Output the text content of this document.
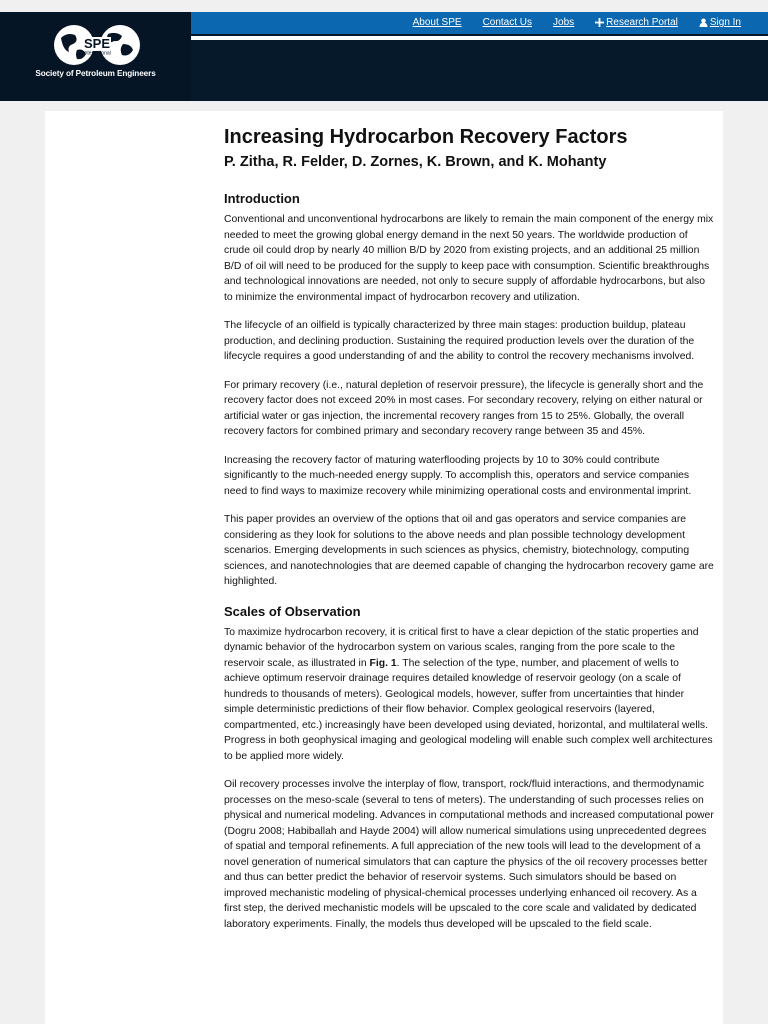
SPE
International
Society of Petroleum Engineers
About SPE Contact Us Jobs	Research Portal	Sign In
Increasing Hydrocarbon Recovery Factors
P. Zitha, R. Felder, D. Zornes, K. Brown, and K. Mohanty
Introduction

Conventional and unconventional hydrocarbons are likely to remain the main component of the energy mix needed to meet the growing global energy demand in the next 50 years. The worldwide production of crude oil could drop by nearly 40 million B/D by 2020 from existing projects, and an additional 25 million B/D of oil will need to be produced for the supply to keep pace with consumption. Scientific breakthroughs and technological innovations are needed, not only to secure supply of affordable hydrocarbons, but also to minimize the environmental impact of hydrocarbon recovery and utilization.

The lifecycle of an oilfield is typically characterized by three main stages: production buildup, plateau production, and declining production. Sustaining the required production levels over the duration of the lifecycle requires a good understanding of and the ability to control the recovery mechanisms involved.

For primary recovery (i.e., natural depletion of reservoir pressure), the lifecycle is generally short and the recovery factor does not exceed 20% in most cases. For secondary recovery, relying on either natural or artificial water or gas injection, the incremental recovery ranges from 15 to 25%. Globally, the overall recovery factors for combined primary and secondary recovery range between 35 and 45%.

Increasing the recovery factor of maturing waterflooding projects by 10 to 30% could contribute significantly to the much-needed energy supply. To accomplish this, operators and service companies need to find ways to maximize recovery while minimizing operational costs and environmental imprint.

This paper provides an overview of the options that oil and gas operators and service companies are considering as they look for solutions to the above needs and plan possible technology development scenarios. Emerging developments in such sciences as physics, chemistry, biotechnology, computing sciences, and nanotechnologies that are deemed capable of changing the hydrocarbon recovery game are highlighted.

Scales of Observation

To maximize hydrocarbon recovery, it is critical first to have a clear depiction of the static properties and dynamic behavior of the hydrocarbon system on various scales, ranging from the pore scale to the reservoir scale, as illustrated in Fig. 1. The selection of the type, number, and placement of wells to achieve optimum reservoir drainage requires detailed knowledge of reservoir geology (on a scale of hundreds to thousands of meters). Geological models, however, suffer from uncertainties that hinder simple deterministic predictions of their flow behavior. Complex geological reservoirs (layered, compartmented, etc.) increasingly have been developed using deviated, horizontal, and multilateral wells. Progress in both geophysical imaging and geological modeling will enable such complex well architectures to be applied more widely.

Oil recovery processes involve the interplay of flow, transport, rock/fluid interactions, and thermodynamic processes on the meso-scale (several to tens of meters). The understanding of such processes relies on physical and numerical modeling. Advances in computational methods and increased computational power (Dogru 2008; Habiballah and Hayde 2004) will allow numerical simulations using unprecedented degrees of spatial and temporal refinements. A full appreciation of the new tools will lead to the development of a novel generation of numerical simulators that can capture the physics of the oil recovery processes better and thus can better predict the behavior of reservoir systems. Such simulators should be based on improved mechanistic modeling of physical-chemical processes underlying enhanced oil recovery. As a first step, the derived mechanistic models will be upscaled to the core scale and validated by dedicated laboratory experiments. Finally, the models thus developed will be upscaled to the field scale.
